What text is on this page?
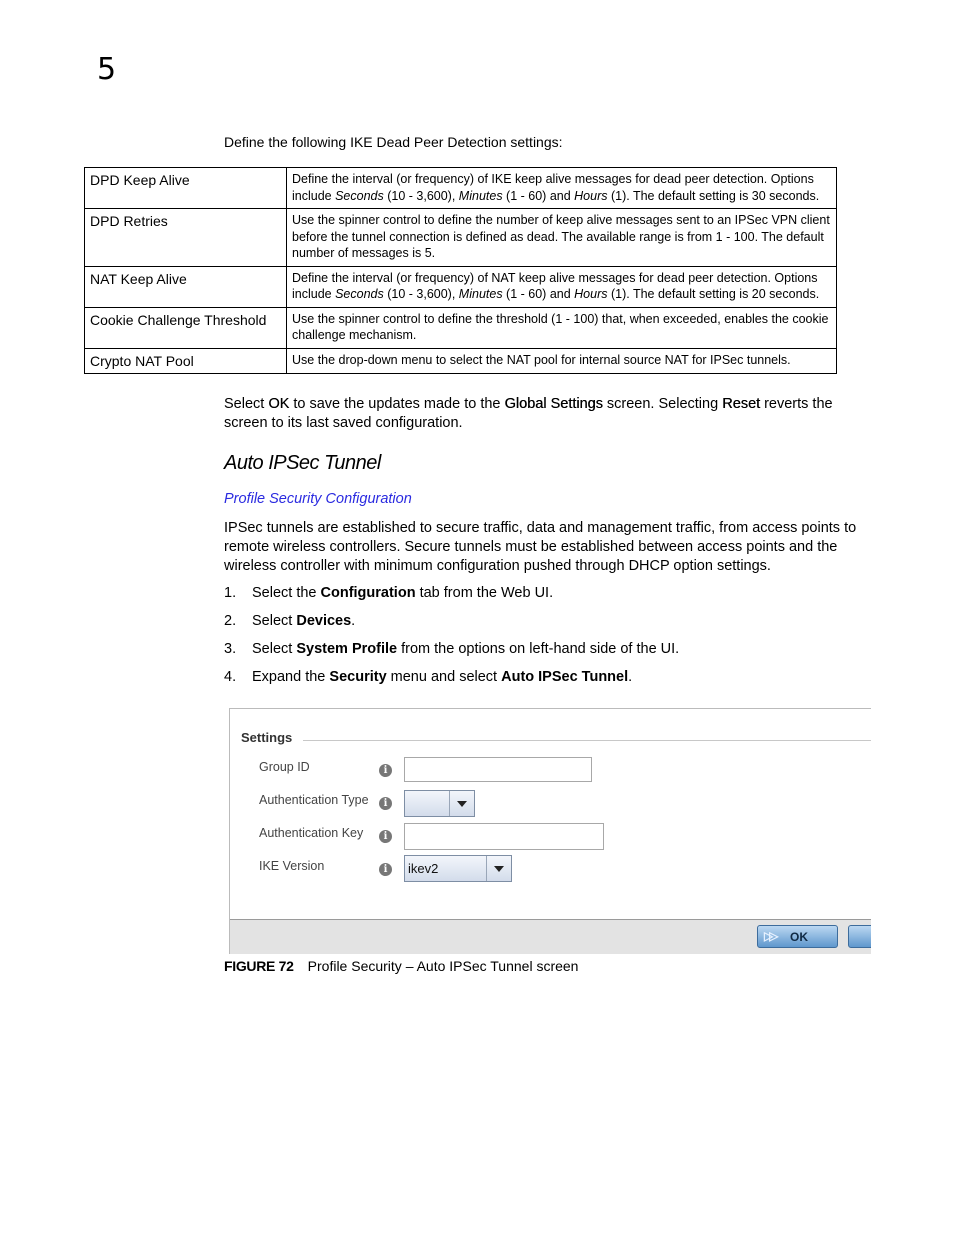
5
Define the following IKE Dead Peer Detection settings:
DPD Keep Alive	Define the interval (or frequency) of IKE keep alive messages for dead peer detection. Options include Seconds (10 - 3,600), Minutes (1 - 60) and Hours (1). The default setting is 30 seconds.
DPD Retries	Use the spinner control to define the number of keep alive messages sent to an IPSec VPN client before the tunnel connection is defined as dead. The available range is from 1 - 100. The default number of messages is 5.
NAT Keep Alive	Define the interval (or frequency) of NAT keep alive messages for dead peer detection. Options include Seconds (10 - 3,600), Minutes (1 - 60) and Hours (1). The default setting is 20 seconds.
Cookie Challenge Threshold	Use the spinner control to define the threshold (1 - 100) that, when exceeded, enables the cookie challenge mechanism.
Crypto NAT Pool	Use the drop-down menu to select the NAT pool for internal source NAT for IPSec tunnels.
Select OK to save the updates made to the Global Settings screen. Selecting Reset reverts the screen to its last saved configuration.
Auto IPSec Tunnel
Profile Security Configuration
IPSec tunnels are established to secure traffic, data and management traffic, from access points to remote wireless controllers. Secure tunnels must be established between access points and the wireless controller with minimum configuration pushed through DHCP option settings.
1. Select the Configuration tab from the Web UI.
2. Select Devices.
3. Select System Profile from the options on left-hand side of the UI.
4. Expand the Security menu and select Auto IPSec Tunnel.
Settings
Group ID	i
Authentication Type	i
Authentication Key	i
IKE Version	i	ikev2
▷▷ OK
FIGURE 72 Profile Security – Auto IPSec Tunnel screen
